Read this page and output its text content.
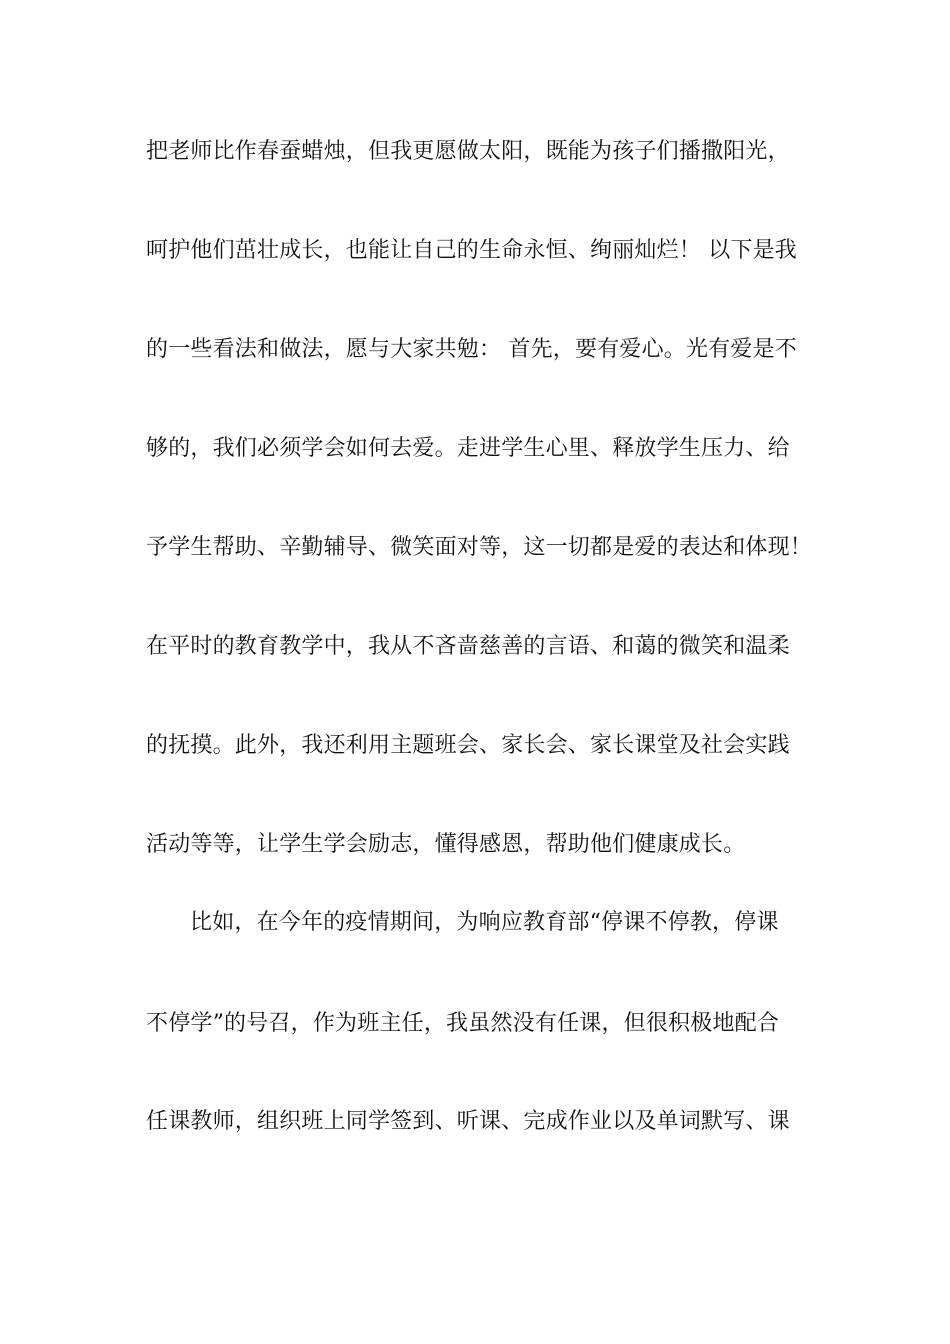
把老师比作春蚕蜡烛，但我更愿做太阳，既能为孩子们播撒阳光，
呵护他们茁壮成长，也能让自己的生命永恒、绚丽灿烂！ 以下是我
的一些看法和做法，愿与大家共勉： 首先，要有爱心。光有爱是不
够的，我们必须学会如何去爱。走进学生心里、释放学生压力、给
予学生帮助、辛勤辅导、微笑面对等，这一切都是爱的表达和体现！
在平时的教育教学中，我从不吝啬慈善的言语、和蔼的微笑和温柔
的抚摸。此外，我还利用主题班会、家长会、家长课堂及社会实践
活动等等，让学生学会励志，懂得感恩，帮助他们健康成长。
比如，在今年的疫情期间，为响应教育部“停课不停教，停课
不停学”的号召，作为班主任，我虽然没有任课，但很积极地配合
任课教师，组织班上同学签到、听课、完成作业以及单词默写、课
